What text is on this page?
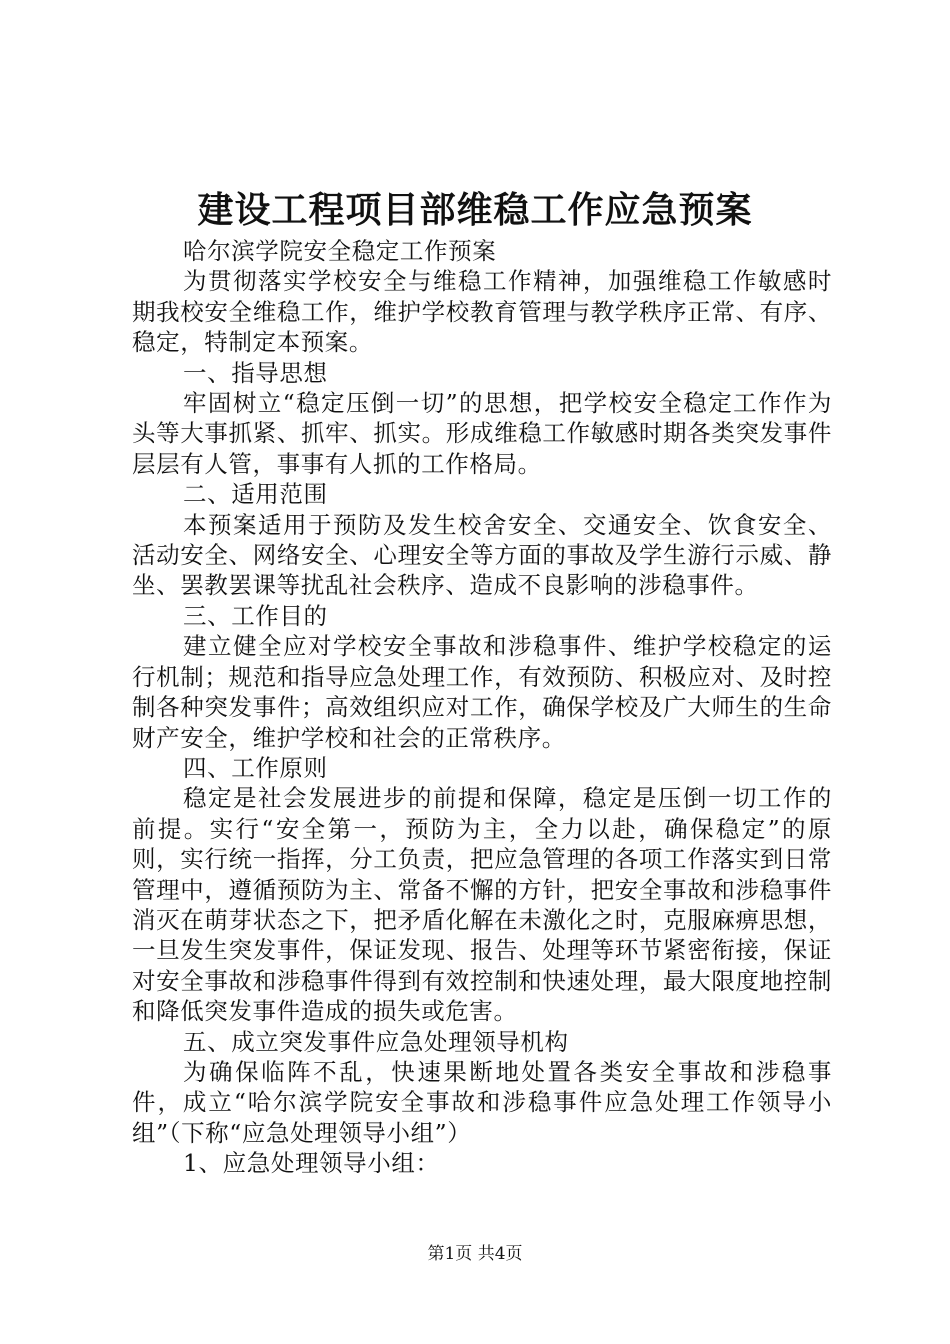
建设工程项目部维稳工作应急预案

哈尔滨学院安全稳定工作预案

为贯彻落实学校安全与维稳工作精神，加强维稳工作敏感时期我校安全维稳工作，维护学校教育管理与教学秩序正常、有序、稳定，特制定本预案。

一、指导思想

牢固树立“稳定压倒一切”的思想，把学校安全稳定工作作为头等大事抓紧、抓牢、抓实。形成维稳工作敏感时期各类突发事件层层有人管，事事有人抓的工作格局。

二、适用范围

本预案适用于预防及发生校舍安全、交通安全、饮食安全、活动安全、网络安全、心理安全等方面的事故及学生游行示威、静坐、罢教罢课等扰乱社会秩序、造成不良影响的涉稳事件。

三、工作目的

建立健全应对学校安全事故和涉稳事件、维护学校稳定的运行机制；规范和指导应急处理工作，有效预防、积极应对、及时控制各种突发事件；高效组织应对工作，确保学校及广大师生的生命财产安全，维护学校和社会的正常秩序。

四、工作原则

稳定是社会发展进步的前提和保障，稳定是压倒一切工作的前提。实行“安全第一，预防为主，全力以赴，确保稳定”的原则，实行统一指挥，分工负责，把应急管理的各项工作落实到日常管理中，遵循预防为主、常备不懈的方针，把安全事故和涉稳事件消灭在萌芽状态之下，把矛盾化解在未激化之时，克服麻痹思想，一旦发生突发事件，保证发现、报告、处理等环节紧密衔接，保证对安全事故和涉稳事件得到有效控制和快速处理，最大限度地控制和降低突发事件造成的损失或危害。

五、成立突发事件应急处理领导机构

为确保临阵不乱，快速果断地处置各类安全事故和涉稳事件，成立“哈尔滨学院安全事故和涉稳事件应急处理工作领导小组”（下称“应急处理领导小组”）

1、应急处理领导小组：

第1页 共4页
